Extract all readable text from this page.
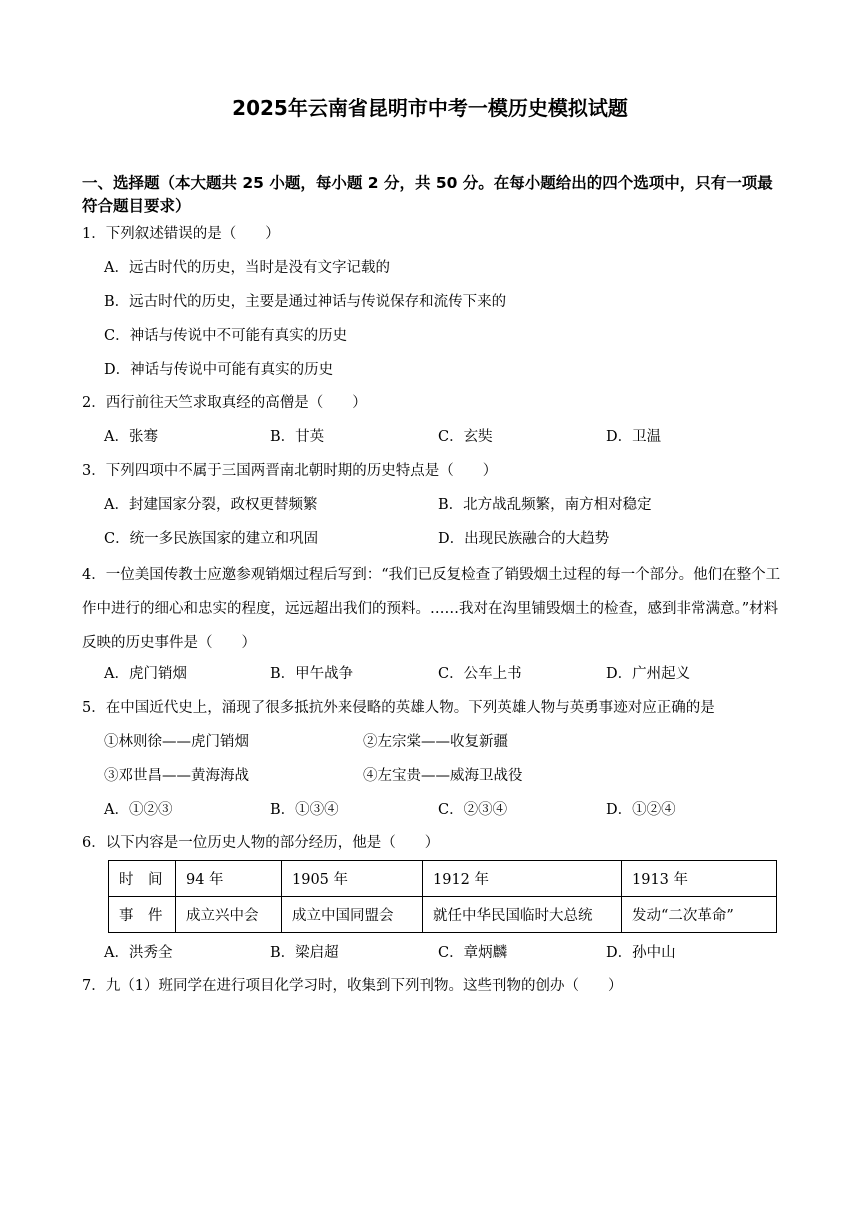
2025年云南省昆明市中考一模历史模拟试题
一、选择题（本大题共 25 小题，每小题 2 分，共 50 分。在每小题给出的四个选项中，只有一项最符合题目要求）
1．下列叙述错误的是（　　）
A．远古时代的历史，当时是没有文字记载的
B．远古时代的历史，主要是通过神话与传说保存和流传下来的
C．神话与传说中不可能有真实的历史
D．神话与传说中可能有真实的历史
2．西行前往天竺求取真经的高僧是（　　）
A．张骞	B．甘英	C．玄奘	D．卫温
3．下列四项中不属于三国两晋南北朝时期的历史特点是（　　）
A．封建国家分裂，政权更替频繁	B．北方战乱频繁，南方相对稳定
C．统一多民族国家的建立和巩固	D．出现民族融合的大趋势
4．一位美国传教士应邀参观销烟过程后写到：“我们已反复检查了销毁烟土过程的每一个部分。他们在整个工作中进行的细心和忠实的程度，远远超出我们的预料。……我对在沟里铺毁烟土的检查，感到非常满意。”材料反映的历史事件是（　　）
A．虎门销烟	B．甲午战争	C．公车上书	D．广州起义
5．在中国近代史上，涌现了很多抵抗外来侵略的英雄人物。下列英雄人物与英勇事迹对应正确的是
①林则徐——虎门销烟	②左宗棠——收复新疆
③邓世昌——黄海海战	④左宝贵——威海卫战役
A．①②③	B．①③④	C．②③④	D．①②④
6．以下内容是一位历史人物的部分经历，他是（　　）
时　间	94 年	1905 年	1912 年	1913 年
事　件	成立兴中会	成立中国同盟会	就任中华民国临时大总统	发动“二次革命”
A．洪秀全	B．梁启超	C．章炳麟	D．孙中山
7．九（1）班同学在进行项目化学习时，收集到下列刊物。这些刊物的创办（　　）
